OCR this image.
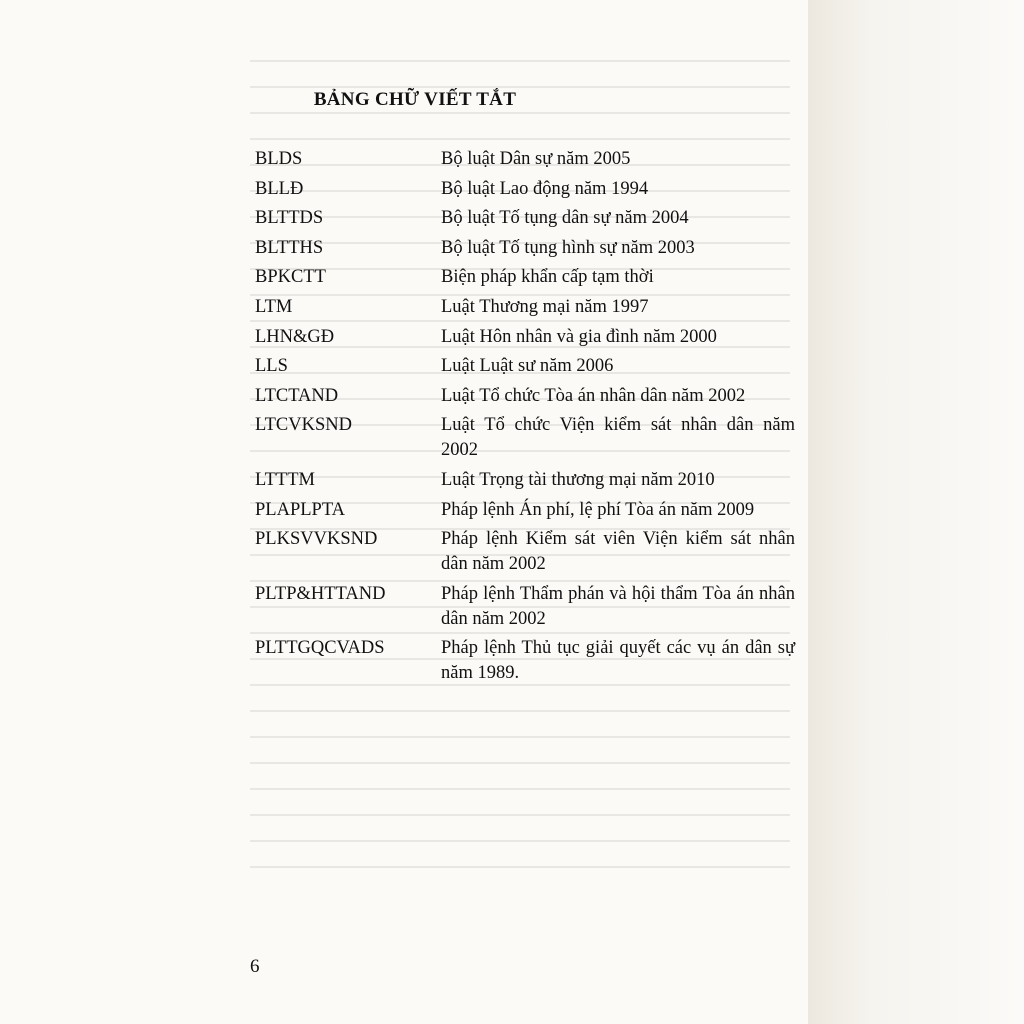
BẢNG CHỮ VIẾT TẮT
BLDS	Bộ luật Dân sự năm 2005
BLLĐ	Bộ luật Lao động năm 1994
BLTTDS	Bộ luật Tố tụng dân sự năm 2004
BLTTHS	Bộ luật Tố tụng hình sự năm 2003
BPKCTT	Biện pháp khẩn cấp tạm thời
LTM	Luật Thương mại năm 1997
LHN&GĐ	Luật Hôn nhân và gia đình năm 2000
LLS	Luật Luật sư năm 2006
LTCTAND	Luật Tổ chức Tòa án nhân dân năm 2002
LTCVKSND	Luật Tổ chức Viện kiểm sát nhân dân năm 2002
LTTTM	Luật Trọng tài thương mại năm 2010
PLAPLPTA	Pháp lệnh Án phí, lệ phí Tòa án năm 2009
PLKSVVKSND	Pháp lệnh Kiểm sát viên Viện kiểm sát nhân dân năm 2002
PLTP&HTTAND	Pháp lệnh Thẩm phán và hội thẩm Tòa án nhân dân năm 2002
PLTTGQCVADS	Pháp lệnh Thủ tục giải quyết các vụ án dân sự năm 1989.
6
